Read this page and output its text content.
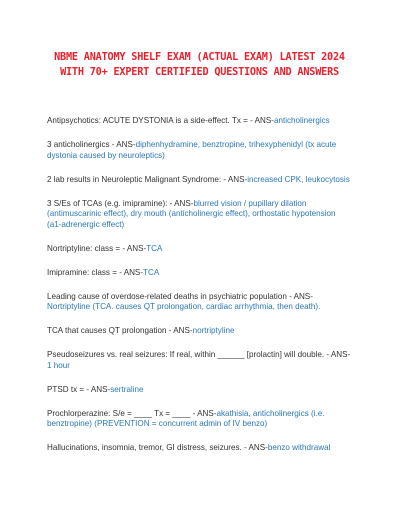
NBME ANATOMY SHELF EXAM (ACTUAL EXAM) LATEST 2024 WITH 70+ EXPERT CERTIFIED QUESTIONS AND ANSWERS

Antipsychotics: ACUTE DYSTONIA is a side-effect. Tx = - ANS-anticholinergics

3 anticholinergics - ANS-diphenhydramine, benztropine, trihexyphenidyl (tx acute dystonia caused by neuroleptics)

2 lab results in Neuroleptic Malignant Syndrome: - ANS-increased CPK, leukocytosis

3 S/Es of TCAs (e.g. imipramine): - ANS-blurred vision / pupillary dilation (antimuscarinic effect), dry mouth (anticholinergic effect), orthostatic hypotension (a1-adrenergic effect)

Nortriptyline: class = - ANS-TCA

Imipramine: class = - ANS-TCA

Leading cause of overdose-related deaths in psychiatric population - ANS-Nortriptyline (TCA. causes QT prolongation, cardiac arrhythmia, then death).

TCA that causes QT prolongation - ANS-nortriptyline

Pseudoseizures vs. real seizures: If real, within ______ [prolactin] will double. - ANS-1 hour

PTSD tx = - ANS-sertraline

Prochlorperazine: S/e = ____ Tx = ____ - ANS-akathisia, anticholinergics (i.e. benztropine) (PREVENTION = concurrent admin of IV benzo)

Hallucinations, insomnia, tremor, GI distress, seizures. - ANS-benzo withdrawal
